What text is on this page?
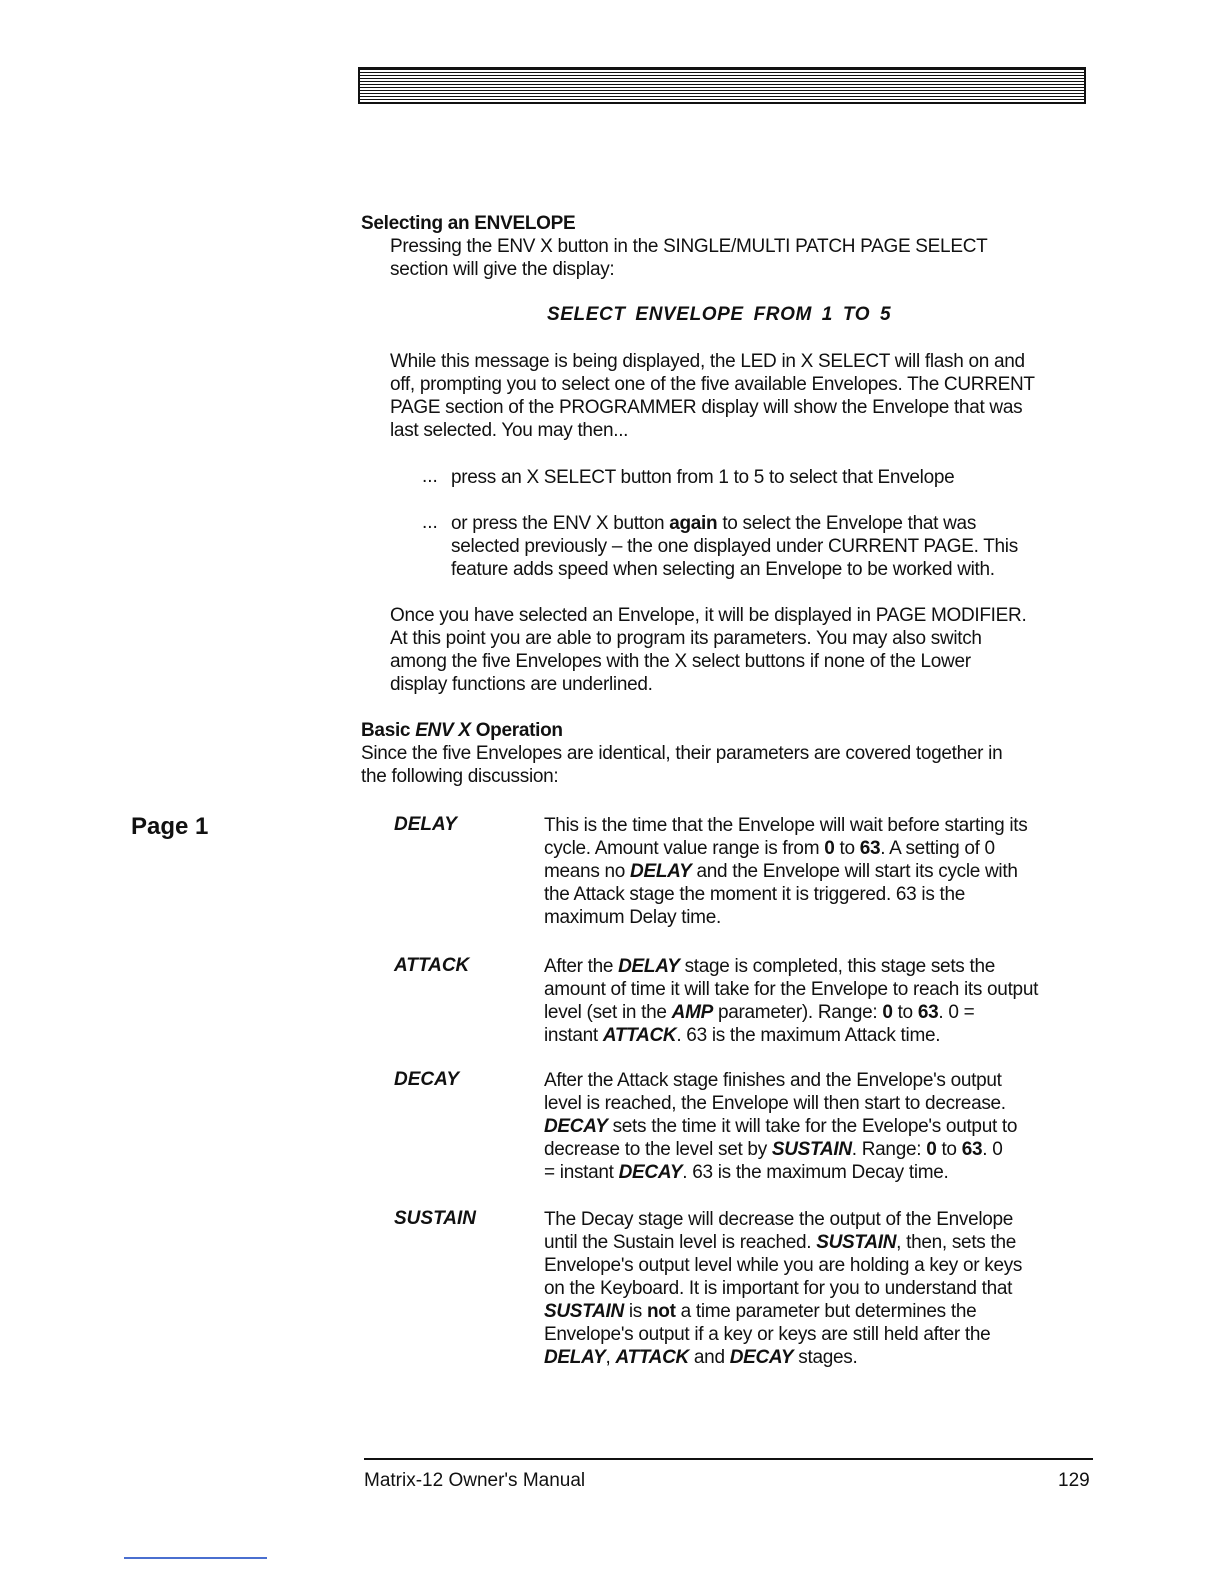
Selecting an ENVELOPE
Pressing the ENV X button in the SINGLE/MULTI PATCH PAGE SELECT
section will give the display:
SELECT ENVELOPE FROM 1 TO 5
While this message is being displayed, the LED in X SELECT will flash on and
off, prompting you to select one of the five available Envelopes. The CURRENT
PAGE section of the PROGRAMMER display will show the Envelope that was
last selected. You may then...
... press an X SELECT button from 1 to 5 to select that Envelope
... or press the ENV X button again to select the Envelope that was
selected previously – the one displayed under CURRENT PAGE. This
feature adds speed when selecting an Envelope to be worked with.
Once you have selected an Envelope, it will be displayed in PAGE MODIFIER.
At this point you are able to program its parameters. You may also switch
among the five Envelopes with the X select buttons if none of the Lower
display functions are underlined.
Basic ENV X Operation
Since the five Envelopes are identical, their parameters are covered together in
the following discussion:
Page 1	DELAY	This is the time that the Envelope will wait before starting its
cycle. Amount value range is from 0 to 63. A setting of 0
means no DELAY and the Envelope will start its cycle with
the Attack stage the moment it is triggered. 63 is the
maximum Delay time.
ATTACK	After the DELAY stage is completed, this stage sets the
amount of time it will take for the Envelope to reach its output
level (set in the AMP parameter). Range: 0 to 63. 0 =
instant ATTACK. 63 is the maximum Attack time.
DECAY	After the Attack stage finishes and the Envelope's output
level is reached, the Envelope will then start to decrease.
DECAY sets the time it will take for the Evelope's output to
decrease to the level set by SUSTAIN. Range: 0 to 63. 0
= instant DECAY. 63 is the maximum Decay time.
SUSTAIN	The Decay stage will decrease the output of the Envelope
until the Sustain level is reached. SUSTAIN, then, sets the
Envelope's output level while you are holding a key or keys
on the Keyboard. It is important for you to understand that
SUSTAIN is not a time parameter but determines the
Envelope's output if a key or keys are still held after the
DELAY, ATTACK and DECAY stages.
Matrix-12 Owner's Manual	129
